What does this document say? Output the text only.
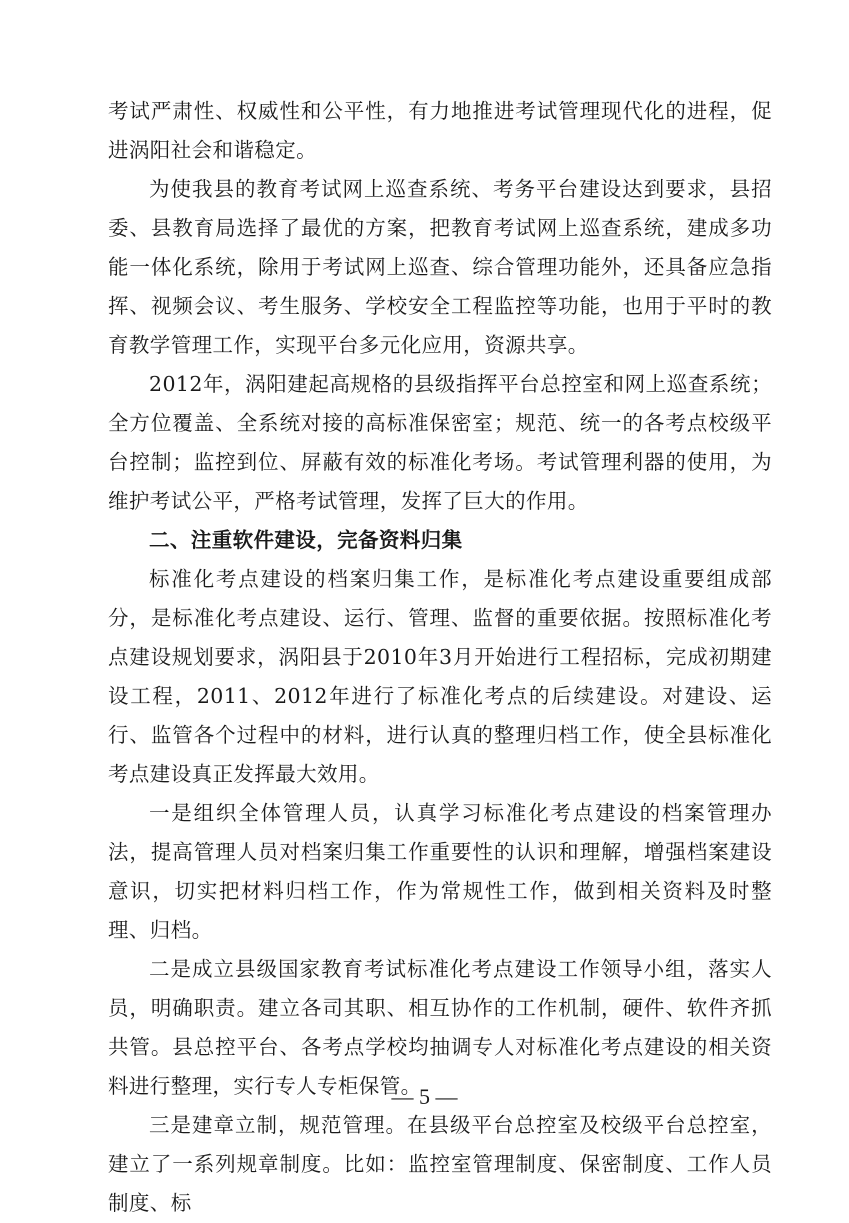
考试严肃性、权威性和公平性，有力地推进考试管理现代化的进程，促进涡阳社会和谐稳定。

为使我县的教育考试网上巡查系统、考务平台建设达到要求，县招委、县教育局选择了最优的方案，把教育考试网上巡查系统，建成多功能一体化系统，除用于考试网上巡查、综合管理功能外，还具备应急指挥、视频会议、考生服务、学校安全工程监控等功能，也用于平时的教育教学管理工作，实现平台多元化应用，资源共享。

2012年，涡阳建起高规格的县级指挥平台总控室和网上巡查系统；全方位覆盖、全系统对接的高标准保密室；规范、统一的各考点校级平台控制；监控到位、屏蔽有效的标准化考场。考试管理利器的使用，为维护考试公平，严格考试管理，发挥了巨大的作用。

二、注重软件建设，完备资料归集

标准化考点建设的档案归集工作，是标准化考点建设重要组成部分，是标准化考点建设、运行、管理、监督的重要依据。按照标准化考点建设规划要求，涡阳县于2010年3月开始进行工程招标，完成初期建设工程，2011、2012年进行了标准化考点的后续建设。对建设、运行、监管各个过程中的材料，进行认真的整理归档工作，使全县标准化考点建设真正发挥最大效用。

一是组织全体管理人员，认真学习标准化考点建设的档案管理办法，提高管理人员对档案归集工作重要性的认识和理解，增强档案建设意识，切实把材料归档工作，作为常规性工作，做到相关资料及时整理、归档。

二是成立县级国家教育考试标准化考点建设工作领导小组，落实人员，明确职责。建立各司其职、相互协作的工作机制，硬件、软件齐抓共管。县总控平台、各考点学校均抽调专人对标准化考点建设的相关资料进行整理，实行专人专柜保管。

三是建章立制，规范管理。在县级平台总控室及校级平台总控室，建立了一系列规章制度。比如：监控室管理制度、保密制度、工作人员制度、标

— 5 —
